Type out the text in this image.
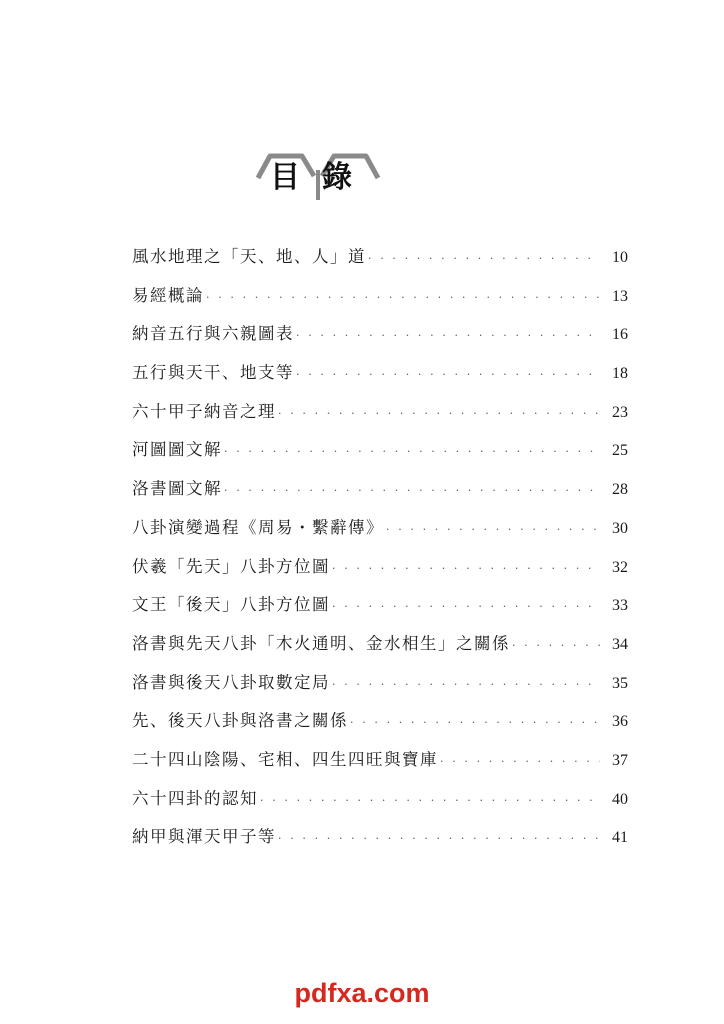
目錄
風水地理之「天、地、人」道 · · ·	10
易經概論 · · ·	13
納音五行與六親圖表 · · ·	16
五行與天干、地支等 · · ·	18
六十甲子納音之理 · · ·	23
河圖圖文解 · · ·	25
洛書圖文解 · · ·	28
八卦演變過程《周易・繫辭傳》 · · ·	30
伏羲「先天」八卦方位圖 · · ·	32
文王「後天」八卦方位圖 · · ·	33
洛書與先天八卦「木火通明、金水相生」之關係 · · ·	34
洛書與後天八卦取數定局 · · ·	35
先、後天八卦與洛書之關係 · · ·	36
二十四山陰陽、宅相、四生四旺與寶庫 · · ·	37
六十四卦的認知 · · ·	40
納甲與渾天甲子等 · · ·	41
pdfxa.com
